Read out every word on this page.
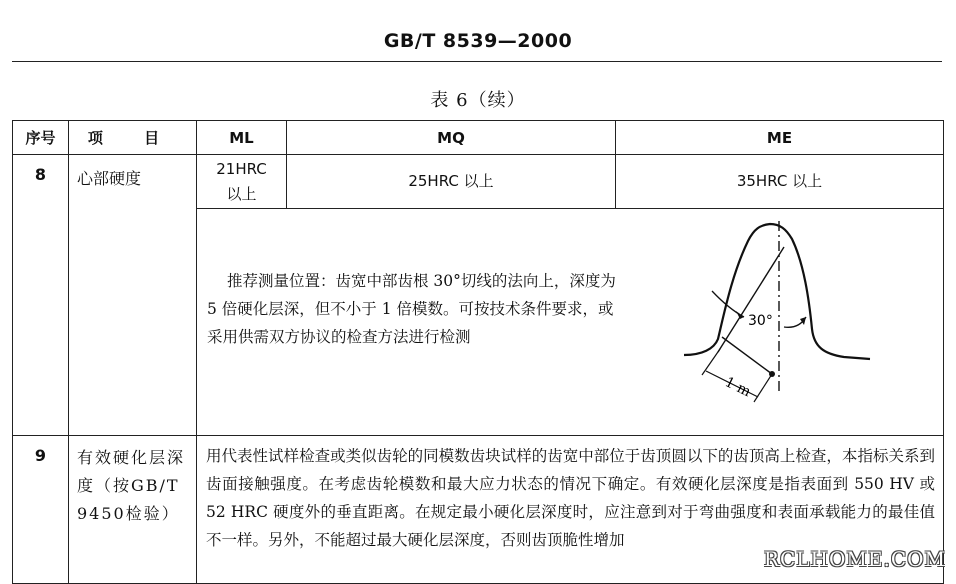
GB/T 8539—2000
表 6（续）
序号	项 目	ML	MQ	ME
8	心部硬度	21HRC以上	25HRC 以上	35HRC 以上

		推荐测量位置：齿宽中部齿根 30°切线的法向上，深度为 5 倍硬化层深，但不小于 1 倍模数。可按技术条件要求，或采用供需双方协议的检查方法进行检测
30°
1 m		

9	有效硬化层深度（按GB/T 9450检验）	用代表性试样检查或类似齿轮的同模数齿块试样的齿宽中部位于齿顶圆以下的齿顶高上检查，本指标关系到齿面接触强度。在考虑齿轮模数和最大应力状态的情况下确定。有效硬化层深度是指表面到 550 HV 或 52 HRC 硬度外的垂直距离。在规定最小硬化层深度时，应注意到对于弯曲强度和表面承载能力的最佳值不一样。另外，不能超过最大硬化层深度，否则齿顶脆性增加		
RCLHOME.COM
